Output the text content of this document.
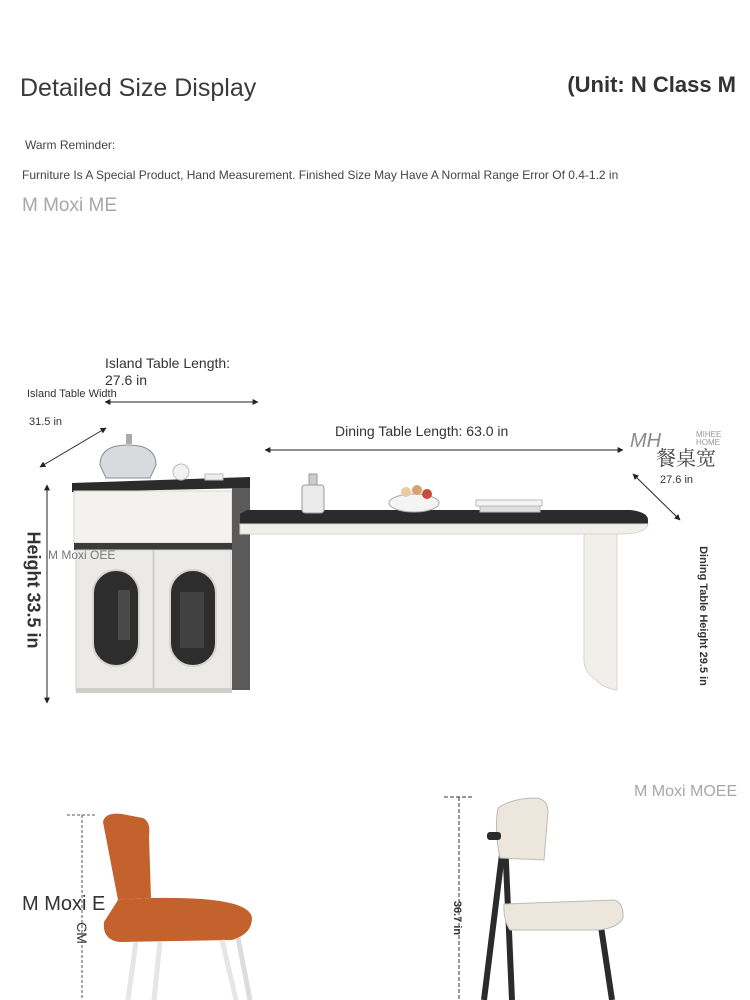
Detailed Size Display	(Unit: N Class M
Warm Reminder:
Furniture Is A Special Product, Hand Measurement. Finished Size May Have A Normal Range Error Of 0.4-1.2 in
M Moxi ME
Island Table Length:
27.6 in
Island Table Width
31.5 in
Dining Table Length: 63.0 in
27.6 in
Height 33.5 in	Dining Table Height 29.5 in
CM	36.7 in
M Moxi OEE
M Moxi MOEE
M Moxi E
MH	MIHEE HOME
餐桌宽
